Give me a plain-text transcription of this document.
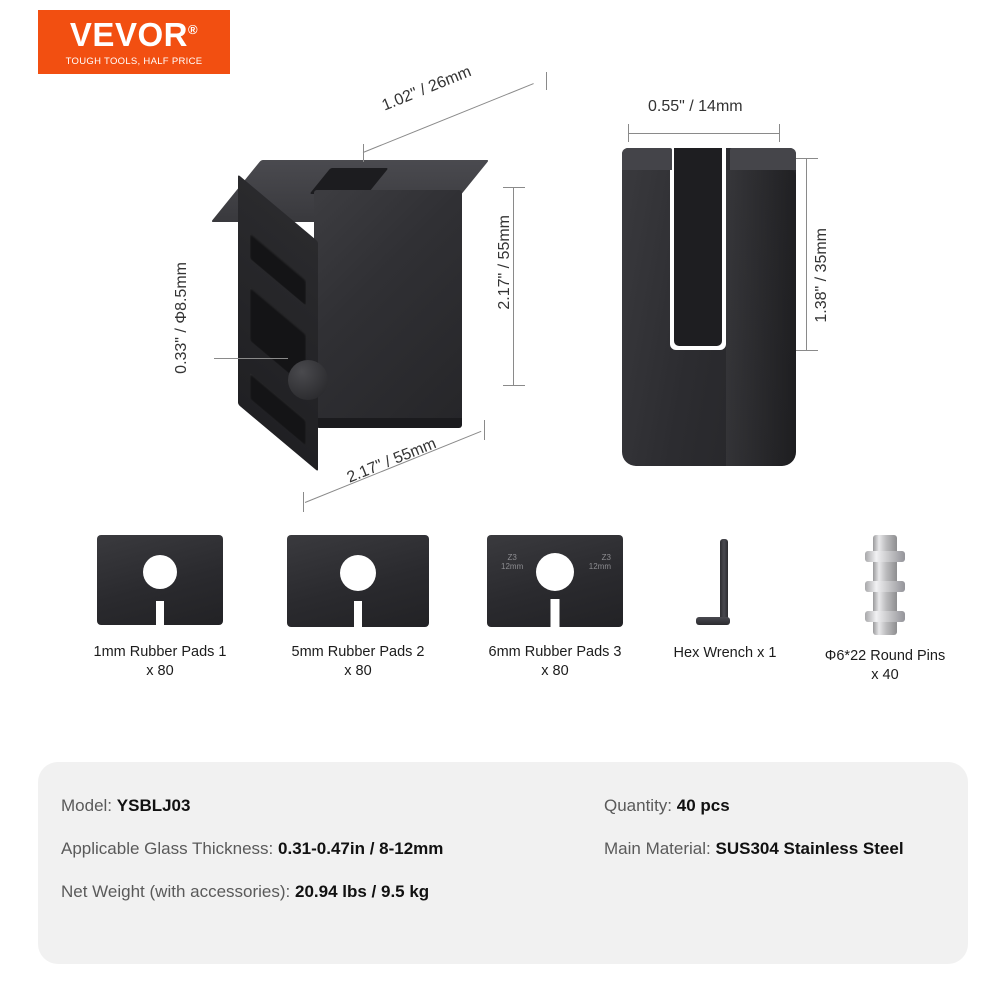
VEVOR®
TOUGH TOOLS, HALF PRICE
1.02" / 26mm
2.17" / 55mm
0.33" / Φ8.5mm
2.17" / 55mm
0.55" / 14mm
1.38" / 35mm
1mm Rubber Pads 1
x 80
5mm Rubber Pads 2
x 80
Z3
12mm
Z3
12mm
6mm Rubber Pads 3
x 80
Hex Wrench x 1	Φ6*22 Round Pins
x 40
Model: YSBLJ03
Applicable Glass Thickness: 0.31-0.47in / 8-12mm
Net Weight (with accessories): 20.94 lbs / 9.5 kg
Quantity: 40 pcs
Main Material: SUS304 Stainless Steel
